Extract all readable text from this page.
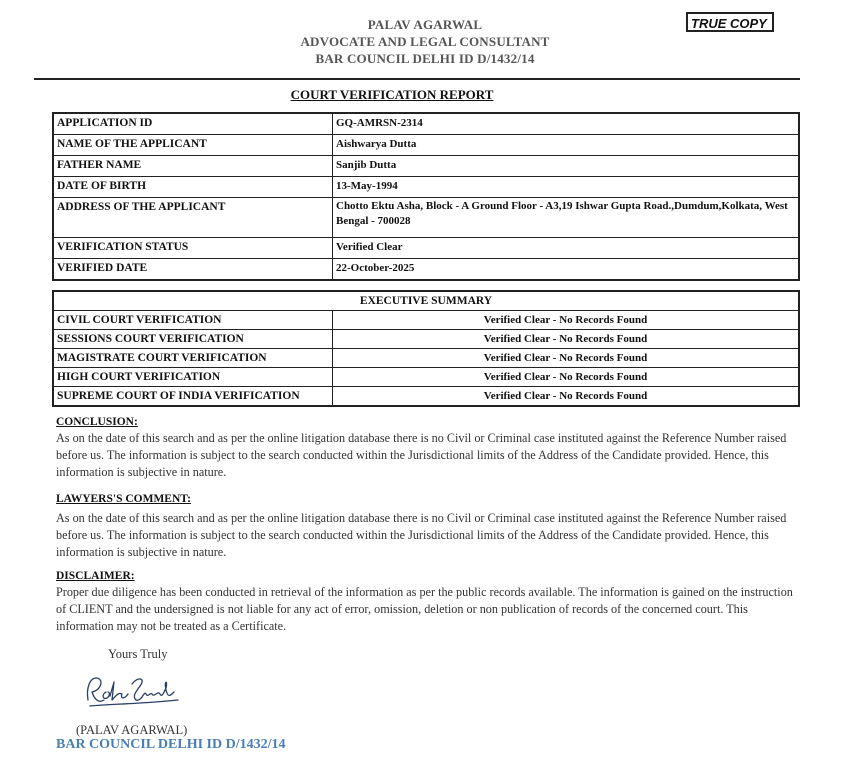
PALAV AGARWAL
ADVOCATE AND LEGAL CONSULTANT
BAR COUNCIL DELHI ID D/1432/14
TRUE COPY
COURT VERIFICATION REPORT
APPLICATION ID	GQ-AMRSN-2314
NAME OF THE APPLICANT	Aishwarya Dutta
FATHER NAME	Sanjib Dutta
DATE OF BIRTH	13-May-1994
ADDRESS OF THE APPLICANT	Chotto Ektu Asha, Block - A Ground Floor - A3,19 Ishwar Gupta Road.,Dumdum,Kolkata, West Bengal - 700028
VERIFICATION STATUS	Verified Clear
VERIFIED DATE	22-October-2025
EXECUTIVE SUMMARY	
CIVIL COURT VERIFICATION	Verified Clear - No Records Found
SESSIONS COURT VERIFICATION	Verified Clear - No Records Found
MAGISTRATE COURT VERIFICATION	Verified Clear - No Records Found
HIGH COURT VERIFICATION	Verified Clear - No Records Found
SUPREME COURT OF INDIA VERIFICATION	Verified Clear - No Records Found
CONCLUSION:
As on the date of this search and as per the online litigation database there is no Civil or Criminal case instituted against the Reference Number raised before us. The information is subject to the search conducted within the Jurisdictional limits of the Address of the Candidate provided. Hence, this information is subjective in nature.
LAWYERS'S COMMENT:
As on the date of this search and as per the online litigation database there is no Civil or Criminal case instituted against the Reference Number raised before us. The information is subject to the search conducted within the Jurisdictional limits of the Address of the Candidate provided. Hence, this information is subjective in nature.
DISCLAIMER:
Proper due diligence has been conducted in retrieval of the information as per the public records available. The information is gained on the instruction of CLIENT and the undersigned is not liable for any act of error, omission, deletion or non publication of records of the concerned court. This information may not be treated as a Certificate.
Yours Truly
(PALAV AGARWAL)
BAR COUNCIL DELHI ID D/1432/14
